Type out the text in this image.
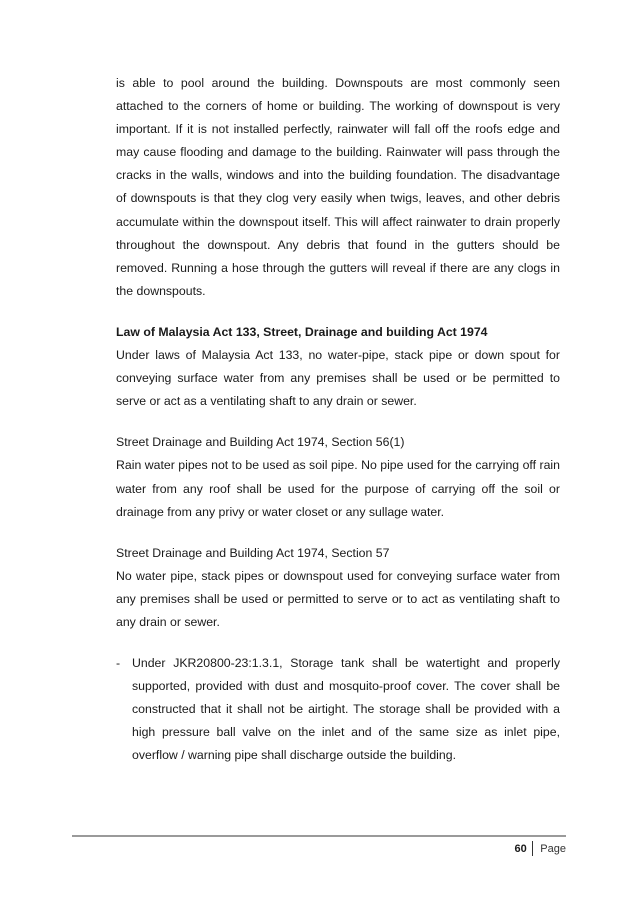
is able to pool around the building. Downspouts are most commonly seen attached to the corners of home or building. The working of downspout is very important. If it is not installed perfectly, rainwater will fall off the roofs edge and may cause flooding and damage to the building. Rainwater will pass through the cracks in the walls, windows and into the building foundation. The disadvantage of downspouts is that they clog very easily when twigs, leaves, and other debris accumulate within the downspout itself. This will affect rainwater to drain properly throughout the downspout. Any debris that found in the gutters should be removed. Running a hose through the gutters will reveal if there are any clogs in the downspouts.

Law of Malaysia Act 133, Street, Drainage and building Act 1974

Under laws of Malaysia Act 133, no water-pipe, stack pipe or down spout for conveying surface water from any premises shall be used or be permitted to serve or act as a ventilating shaft to any drain or sewer.

Street Drainage and Building Act 1974, Section 56(1)

Rain water pipes not to be used as soil pipe. No pipe used for the carrying off rain water from any roof shall be used for the purpose of carrying off the soil or drainage from any privy or water closet or any sullage water.

Street Drainage and Building Act 1974, Section 57

No water pipe, stack pipes or downspout used for conveying surface water from any premises shall be used or permitted to serve or to act as ventilating shaft to any drain or sewer.

- Under JKR20800-23:1.3.1, Storage tank shall be watertight and properly supported, provided with dust and mosquito-proof cover. The cover shall be constructed that it shall not be airtight. The storage shall be provided with a high pressure ball valve on the inlet and of the same size as inlet pipe, overflow / warning pipe shall discharge outside the building.

60	Page
